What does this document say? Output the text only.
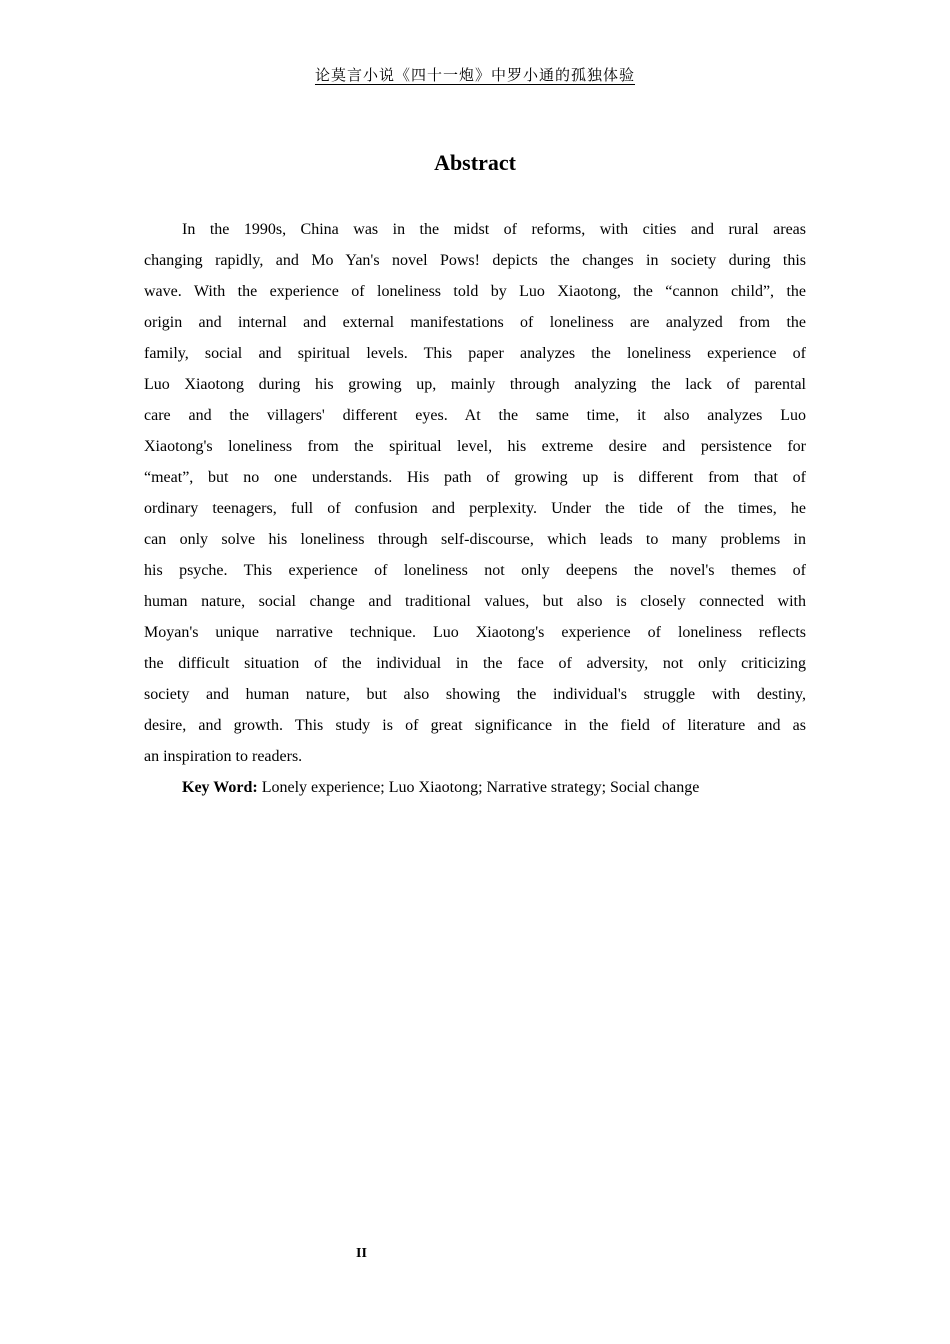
论莫言小说《四十一炮》中罗小通的孤独体验
Abstract
In the 1990s, China was in the midst of reforms, with cities and rural areas
changing rapidly, and Mo Yan's novel Pows! depicts the changes in society during this
wave. With the experience of loneliness told by Luo Xiaotong, the “cannon child”, the
origin and internal and external manifestations of loneliness are analyzed from the
family, social and spiritual levels. This paper analyzes the loneliness experience of
Luo Xiaotong during his growing up, mainly through analyzing the lack of parental
care and the villagers' different eyes. At the same time, it also analyzes Luo
Xiaotong's loneliness from the spiritual level, his extreme desire and persistence for
“meat”, but no one understands. His path of growing up is different from that of
ordinary teenagers, full of confusion and perplexity. Under the tide of the times, he
can only solve his loneliness through self-discourse, which leads to many problems in
his psyche. This experience of loneliness not only deepens the novel's themes of
human nature, social change and traditional values, but also is closely connected with
Moyan's unique narrative technique. Luo Xiaotong's experience of loneliness reflects
the difficult situation of the individual in the face of adversity, not only criticizing
society and human nature, but also showing the individual's struggle with destiny,
desire, and growth. This study is of great significance in the field of literature and as
an inspiration to readers.
Key Word: Lonely experience; Luo Xiaotong; Narrative strategy; Social change
II
